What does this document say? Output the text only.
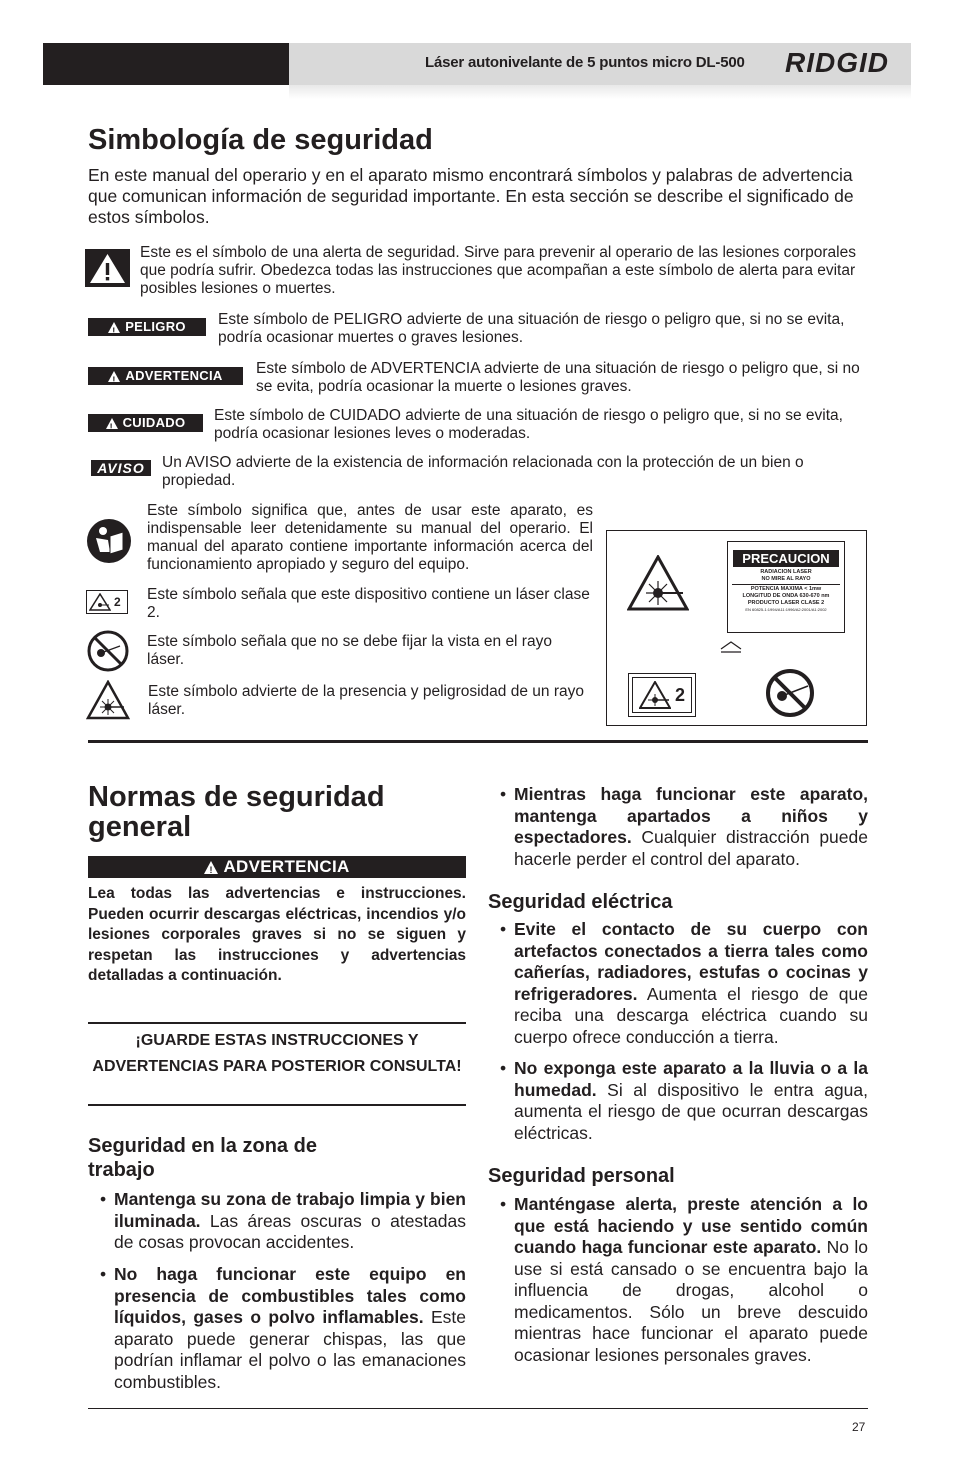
Láser autonivelante de 5 puntos micro DL-500 RIDGID
Simbología de seguridad
En este manual del operario y en el aparato mismo encontrará símbolos y palabras de advertencia que comunican información de seguridad importante. En esta sección se describe el significado de estos símbolos.
Este es el símbolo de una alerta de seguridad. Sirve para prevenir al operario de las lesiones corporales que podría sufrir. Obedezca todas las instrucciones que acompañan a este símbolo de alerta para evitar posibles lesiones o muertes.
!
PELIGRO Este símbolo de PELIGRO advierte de una situación de riesgo o peligro que, si no se evita, podría ocasionar muertes o graves lesiones.
!
ADVERTENCIA Este símbolo de ADVERTENCIA advierte de una situación de riesgo o peligro que, si no se evita, podría ocasionar la muerte o lesiones graves.
!
CUIDADO Este símbolo de CUIDADO advierte de una situación de riesgo o peligro que, si no se evita, podría ocasionar lesiones leves o moderadas.
AVISO	Un AVISO advierte de la existencia de información relacionada con la protección de un bien o propiedad.
Este símbolo significa que, antes de usar este aparato, es indispensable leer detenidamente su manual del operario. El manual del aparato contiene importante información acerca del funcionamiento apropiado y seguro del equipo.
2 Este símbolo señala que este dispositivo contiene un láser clase 2.
Este símbolo señala que no se debe fijar la vista en el rayo láser.
Este símbolo advierte de la presencia y peligrosidad de un rayo láser.
PRECAUCION
RADIACION LASER
NO MIRE AL RAYO
POTENCIA MAXIMA < 1mw
LONGITUD DE ONDA 630-670 nm
PRODUCTO LASER CLASE 2
EN 60825-1:1994/A11:1996/A2:2001/A1:2002
2
Normas de seguridad general
!
ADVERTENCIA
Lea todas las advertencias e instrucciones. Pueden ocurrir descargas eléctricas, incendios y/o lesiones corporales graves si no se siguen y respetan las instrucciones y advertencias detalladas a continuación.
¡GUARDE ESTAS INSTRUCCIONES Y ADVERTENCIAS PARA POSTERIOR CONSULTA!
Seguridad en la zona de trabajo
• Mantenga su zona de trabajo limpia y bien iluminada. Las áreas oscuras o atestadas de cosas provocan accidentes.
• No haga funcionar este equipo en presencia de combustibles tales como líquidos, gases o polvo inflamables. Este aparato puede generar chispas, las que podrían inflamar el polvo o las emanaciones combustibles.
• Mientras haga funcionar este aparato, mantenga apartados a niños y espectadores. Cualquier distracción puede hacerle perder el control del aparato.
Seguridad eléctrica
• Evite el contacto de su cuerpo con artefactos conectados a tierra tales como cañerías, radiadores, estufas o cocinas y refrigeradores. Aumenta el riesgo de que reciba una descarga eléctrica cuando su cuerpo ofrece conducción a tierra.
• No exponga este aparato a la lluvia o a la humedad. Si al dispositivo le entra agua, aumenta el riesgo de que ocurran descargas eléctricas.
Seguridad personal
• Manténgase alerta, preste atención a lo que está haciendo y use sentido común cuando haga funcionar este aparato. No lo use si está cansado o se encuentra bajo la influencia de drogas, alcohol o medicamentos. Sólo un breve descuido mientras hace funcionar el aparato puede ocasionar lesiones personales graves.
27
